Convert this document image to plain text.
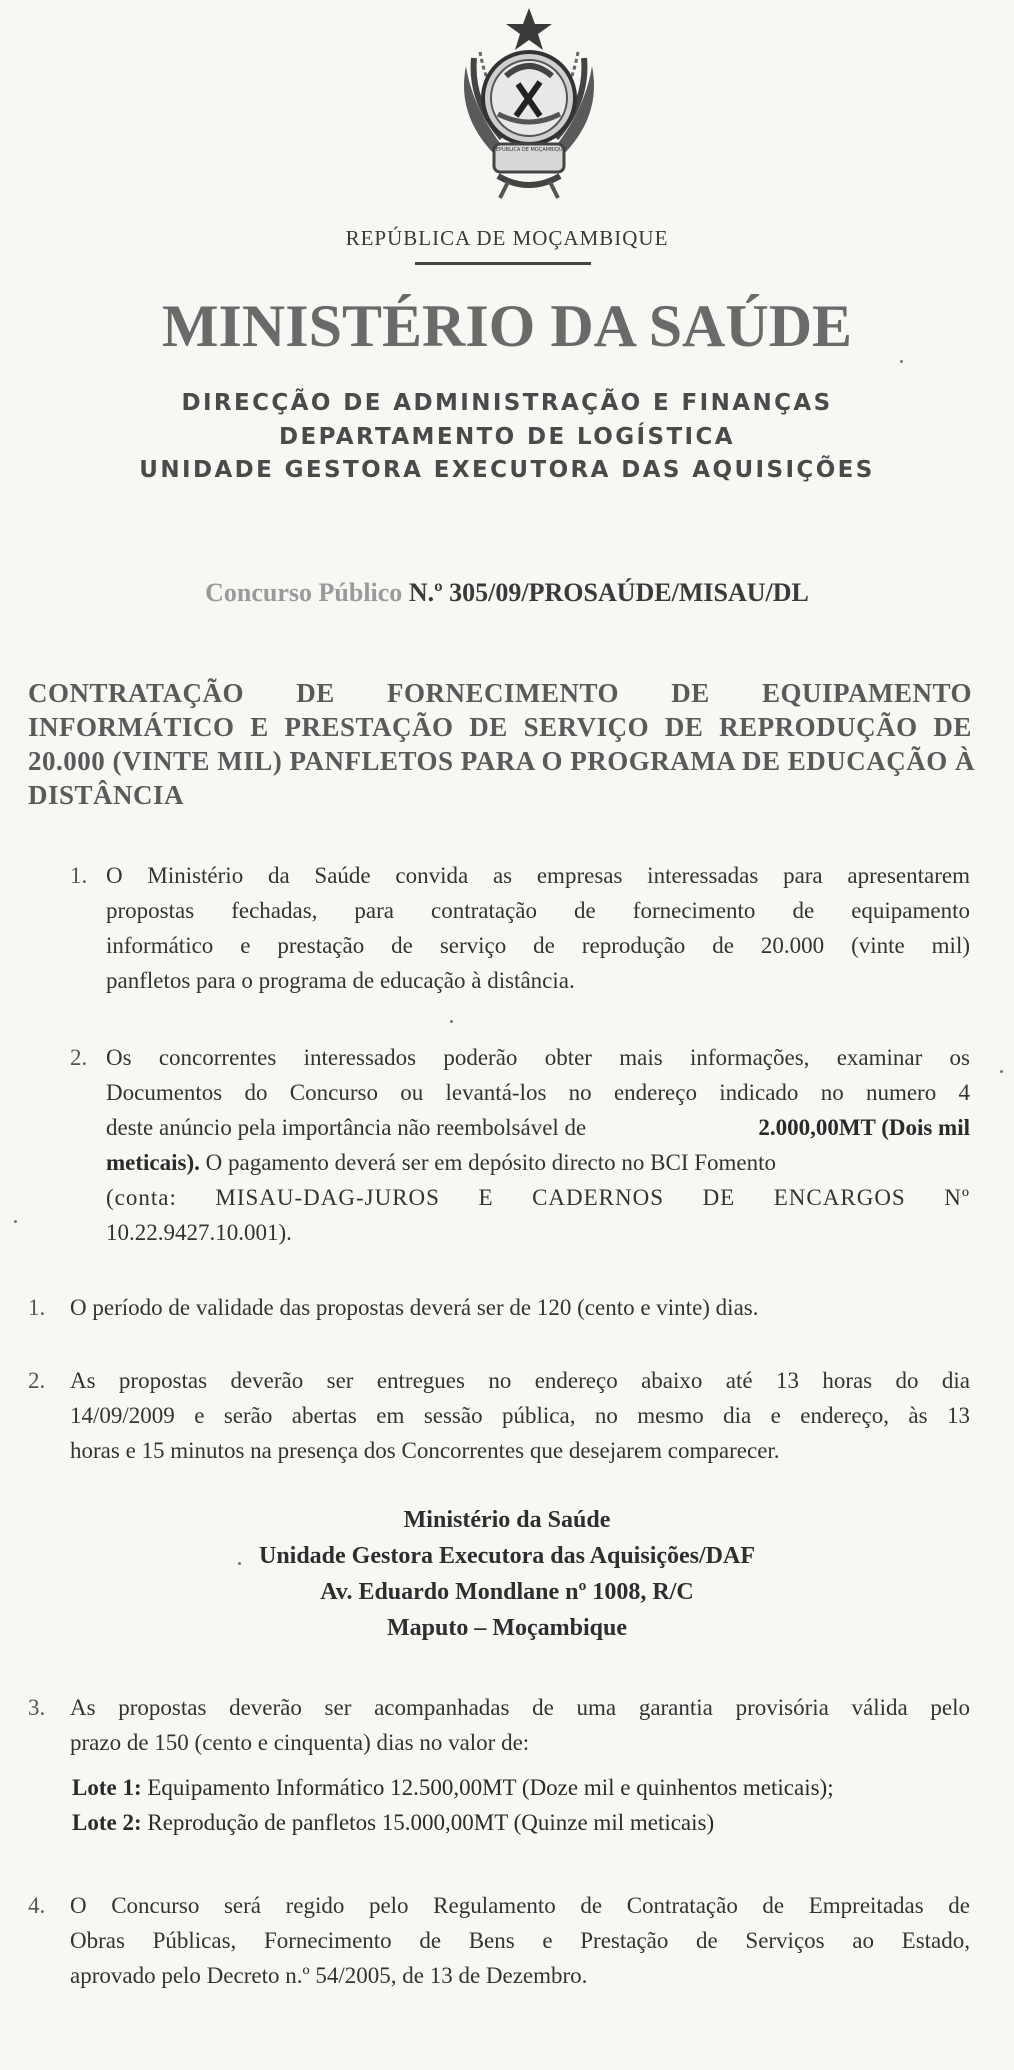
REPÚBLICA DE MOÇAMBIQUE
REPÚBLICA DE MOÇAMBIQUE
MINISTÉRIO DA SAÚDE
DIRECÇÃO DE ADMINISTRAÇÃO E FINANÇAS
DEPARTAMENTO DE LOGÍSTICA
UNIDADE GESTORA EXECUTORA DAS AQUISIÇÕES
Concurso Público N.º 305/09/PROSAÚDE/MISAU/DL
CONTRATAÇÃO DE FORNECIMENTO DE EQUIPAMENTO
INFORMÁTICO E PRESTAÇÃO DE SERVIÇO DE REPRODUÇÃO DE
20.000 (VINTE MIL) PANFLETOS PARA O PROGRAMA DE EDUCAÇÃO À
DISTÂNCIA
1. O Ministério da Saúde convida as empresas interessadas para apresentarem
propostas fechadas, para contratação de fornecimento de equipamento
informático e prestação de serviço de reprodução de 20.000 (vinte mil)
panfletos para o programa de educação à distância.
2. Os concorrentes interessados poderão obter mais informações, examinar os
Documentos do Concurso ou levantá-los no endereço indicado no numero 4
deste anúncio pela importância não reembolsável de	2.000,00MT (Dois mil
meticais). O pagamento deverá ser em depósito directo no BCI Fomento
(conta: MISAU-DAG-JUROS E CADERNOS DE ENCARGOS Nº
10.22.9427.10.001).
1. O período de validade das propostas deverá ser de 120 (cento e vinte) dias.
2. As propostas deverão ser entregues no endereço abaixo até 13 horas do dia
14/09/2009 e serão abertas em sessão pública, no mesmo dia e endereço, às 13
horas e 15 minutos na presença dos Concorrentes que desejarem comparecer.
Ministério da Saúde
Unidade Gestora Executora das Aquisições/DAF
Av. Eduardo Mondlane nº 1008, R/C
Maputo – Moçambique
3. As propostas deverão ser acompanhadas de uma garantia provisória válida pelo
prazo de 150 (cento e cinquenta) dias no valor de:
Lote 1: Equipamento Informático 12.500,00MT (Doze mil e quinhentos meticais);
Lote 2: Reprodução de panfletos 15.000,00MT (Quinze mil meticais)
4. O Concurso será regido pelo Regulamento de Contratação de Empreitadas de
Obras Públicas, Fornecimento de Bens e Prestação de Serviços ao Estado,
aprovado pelo Decreto n.º 54/2005, de 13 de Dezembro.
